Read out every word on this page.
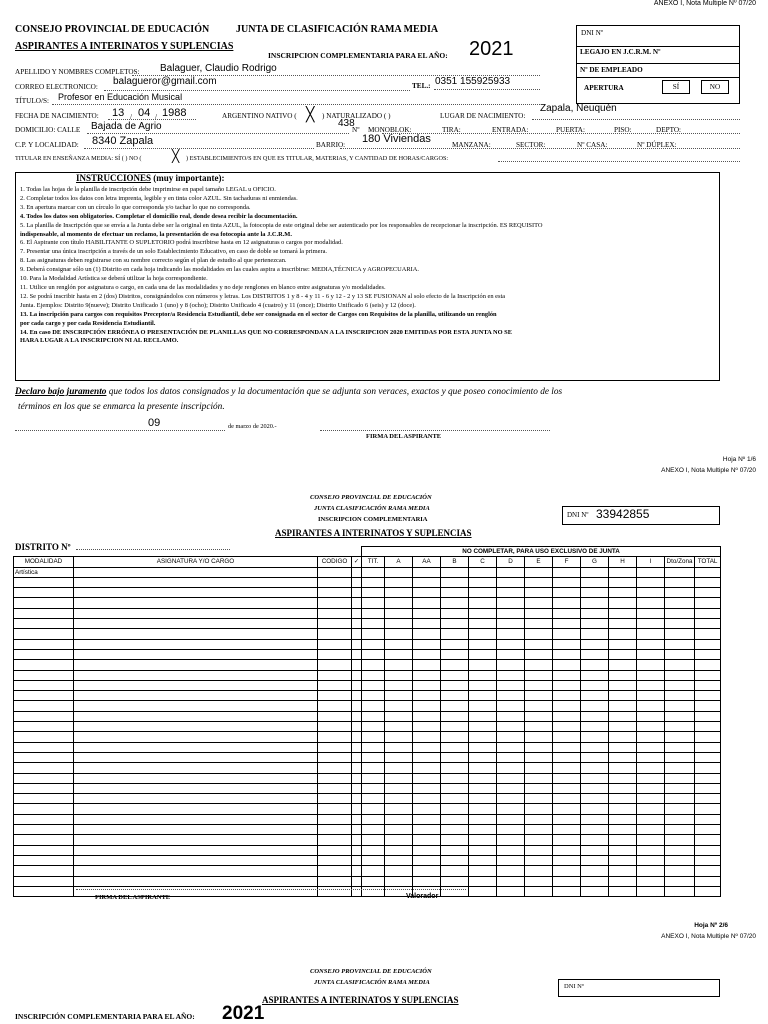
ANEXO I, Nota Multiple Nº 07/20
CONSEJO PROVINCIAL DE EDUCACIÓN	JUNTA DE CLASIFICACIÓN RAMA MEDIA
ASPIRANTES A INTERINATOS Y SUPLENCIAS
INSCRIPCION COMPLEMENTARIA PARA EL AÑO: 2021
DNI Nº
LEGAJO EN J.C.R.M. Nº
Nº DE EMPLEADO
APERTURA	SÍ	NO
APELLIDO Y NOMBRES COMPLETOS: Balaguer, Claudio Rodrigo
CORREO ELECTRONICO: balagueror@gmail.com	TEL.: 0351 155925933
TÍTULO/S: Profesor en Educación Musical
FECHA DE NACIMIENTO: 13 / 04 / 1988	ARGENTINO NATIVO ( ╳ ) NATURALIZADO ( )	LUGAR DE NACIMIENTO:
Zapala, Neuquén
DOMICILIO: CALLE Bajada de Agrio	Nº
438
MONOBLOK:	TIRA:	ENTRADA:	PUERTA:	PISO:	DEPTO:
C.P. Y LOCALIDAD: 8340 Zapala	BARRIO: 180 Viviendas	MANZANA:	SECTOR:	Nº CASA:	Nº DÚPLEX:
TITULAR EN ENSEÑANZA MEDIA: SÍ ( ) NO (	╳ ) ESTABLECIMIENTO/S EN QUE ES TITULAR, MATERIAS, Y CANTIDAD DE HORAS/CARGOS:
INSTRUCCIONES (muy importante):
1. Todas las hojas de la planilla de inscripción debe imprimirse en papel tamaño LEGAL u OFICIO.
2. Completar todos los datos con letra imprenta, legible y en tinta color AZUL. Sin tachaduras ni enmiendas.
3. En apertura marcar con un círculo lo que corresponda y/o tachar lo que no corresponda.
4. Todos los datos son obligatorios. Completar el domicilio real, donde desea recibir la documentación.
5. La planilla de Inscripción que se envía a la Junta debe ser la original en tinta AZUL, la fotocopia de este original debe ser autenticado por los responsables de recepcionar la inscripción. ES REQUISITO
indispensable, al momento de efectuar un reclamo, la presentación de esa fotocopia ante la J.C.R.M.
6. El Aspirante con título HABILITANTE O SUPLETORIO podrá inscribirse hasta en 12 asignaturas o cargos por modalidad.
7. Presentar una única inscripción a través de un solo Establecimiento Educativo, en caso de doble se tomará la primera.
8. Las asignaturas deben registrarse con su nombre correcto según el plan de estudio al que pertenezcan.
9. Deberá consignar sólo un (1) Distrito en cada hoja indicando las modalidades en las cuales aspira a inscribirse: MEDIA,TÉCNICA y AGROPECUARIA.
10. Para la Modalidad Artística se deberá utilizar la hoja correspondiente.
11. Utilice un renglón por asignatura o cargo, en cada una de las modalidades y no deje renglones en blanco entre asignaturas y/o modalidades.
12. Se podrá inscribir hasta en 2 (dos) Distritos, consignándolos con números y letras. Los DISTRITOS 1 y 8 - 4 y 11 - 6 y 12 - 2 y 13 SE FUSIONAN al solo efecto de la Inscripción en esta
Junta. Ejemplos: Distrito 9(nueve); Distrito Unificado 1 (uno) y 8 (ocho); Distrito Unificado 4 (cuatro) y 11 (once); Distrito Unificado 6 (seis) y 12 (doce).
13. La inscripción para cargos con requisitos Preceptor/a Residencia Estudiantil, debe ser consignada en el sector de Cargos con Requisitos de la planilla, utilizando un renglón
por cada cargo y por cada Residencia Estudiantil.
14. En caso DE INSCRIPCIÓN ERRÓNEA O PRESENTACIÓN DE PLANILLAS QUE NO CORRESPONDAN A LA INSCRIPCION 2020 EMITIDAS POR ESTA JUNTA NO SE
HARA LUGAR A LA INSCRIPCION NI AL RECLAMO.
Declaro bajo juramento que todos los datos consignados y la documentación que se adjunta son veraces, exactos y que poseo conocimiento de los
términos en los que se enmarca la presente inscripción.
09	de marzo de 2020.-
FIRMA DEL ASPIRANTE
Hoja Nº 1/6
ANEXO I, Nota Multiple Nº 07/20
CONSEJO PROVINCIAL DE EDUCACIÓN
JUNTA CLASIFICACIÓN RAMA MEDIA
INSCRIPCION COMPLEMENTARIA
DNI Nº 33942855
ASPIRANTES A INTERINATOS Y SUPLENCIAS
DISTRITO Nº
				NO COMPLETAR, PARA USO EXCLUSIVO DE JUNTA												
MODALIDAD	ASIGNATURA Y/O CARGO	CODIGO	✓	TIT.	A	AA	B	C	D	E	F	G	H	I	Dto/Zona	TOTAL
Artística																

FIRMA DEL ASPIRANTE	Valorador
Hoja Nº 2/6
ANEXO I, Nota Multiple Nº 07/20
CONSEJO PROVINCIAL DE EDUCACIÓN
JUNTA CLASIFICACIÓN RAMA MEDIA
DNI Nº
ASPIRANTES A INTERINATOS Y SUPLENCIAS
INSCRIPCIÓN COMPLEMENTARIA PARA EL AÑO: 2021
